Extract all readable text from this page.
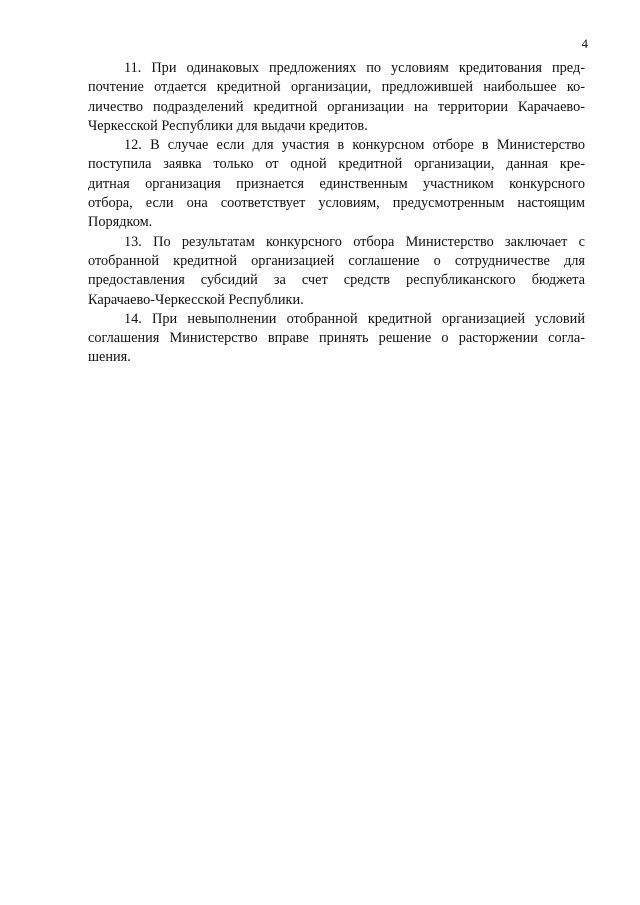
4
11. При одинаковых предложениях по условиям кредитования пред-
почтение отдается кредитной организации, предложившей наибольшее ко-
личество подразделений кредитной организации на территории Карачаево-
Черкесской Республики для выдачи кредитов.
12. В случае если для участия в конкурсном отборе в Министерство
поступила заявка только от одной кредитной организации, данная кре-
дитная организация признается единственным участником конкурсного
отбора, если она соответствует условиям, предусмотренным настоящим
Порядком.
13. По результатам конкурсного отбора Министерство заключает с
отобранной кредитной организацией соглашение о сотрудничестве для
предоставления субсидий за счет средств республиканского бюджета
Карачаево-Черкесской Республики.
14. При невыполнении отобранной кредитной организацией условий
соглашения Министерство вправе принять решение о расторжении согла-
шения.
